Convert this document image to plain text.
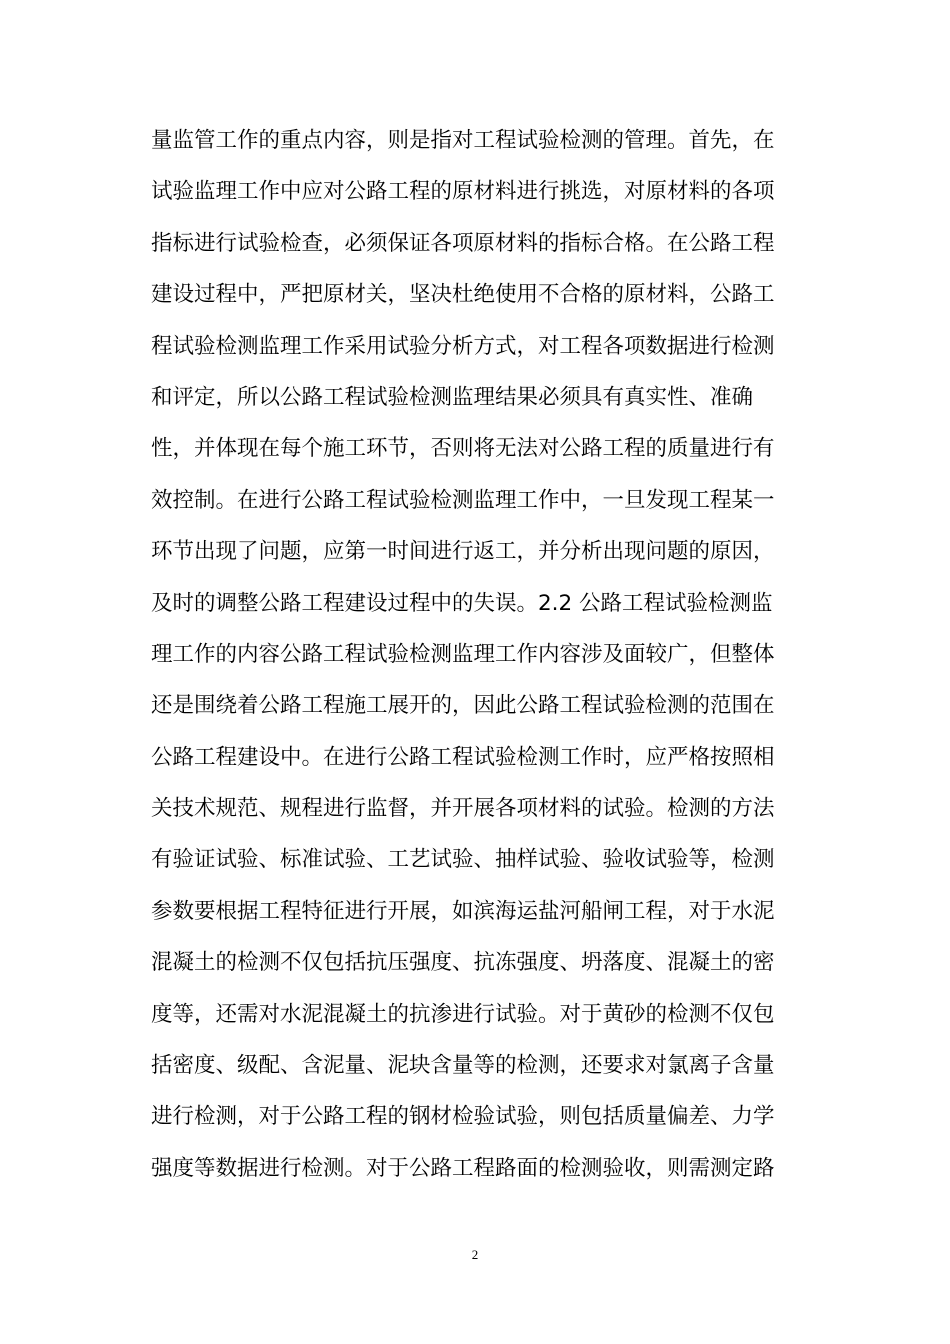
量监管工作的重点内容，则是指对工程试验检测的管理。首先，在
试验监理工作中应对公路工程的原材料进行挑选，对原材料的各项
指标进行试验检查，必须保证各项原材料的指标合格。在公路工程
建设过程中，严把原材关，坚决杜绝使用不合格的原材料，公路工
程试验检测监理工作采用试验分析方式，对工程各项数据进行检测
和评定，所以公路工程试验检测监理结果必须具有真实性、准确
性，并体现在每个施工环节，否则将无法对公路工程的质量进行有
效控制。在进行公路工程试验检测监理工作中，一旦发现工程某一
环节出现了问题，应第一时间进行返工，并分析出现问题的原因，
及时的调整公路工程建设过程中的失误。2.2 公路工程试验检测监
理工作的内容公路工程试验检测监理工作内容涉及面较广，但整体
还是围绕着公路工程施工展开的，因此公路工程试验检测的范围在
公路工程建设中。在进行公路工程试验检测工作时，应严格按照相
关技术规范、规程进行监督，并开展各项材料的试验。检测的方法
有验证试验、标准试验、工艺试验、抽样试验、验收试验等，检测
参数要根据工程特征进行开展，如滨海运盐河船闸工程，对于水泥
混凝土的检测不仅包括抗压强度、抗冻强度、坍落度、混凝土的密
度等，还需对水泥混凝土的抗渗进行试验。对于黄砂的检测不仅包
括密度、级配、含泥量、泥块含量等的检测，还要求对氯离子含量
进行检测，对于公路工程的钢材检验试验，则包括质量偏差、力学
强度等数据进行检测。对于公路工程路面的检测验收，则需测定路
2
